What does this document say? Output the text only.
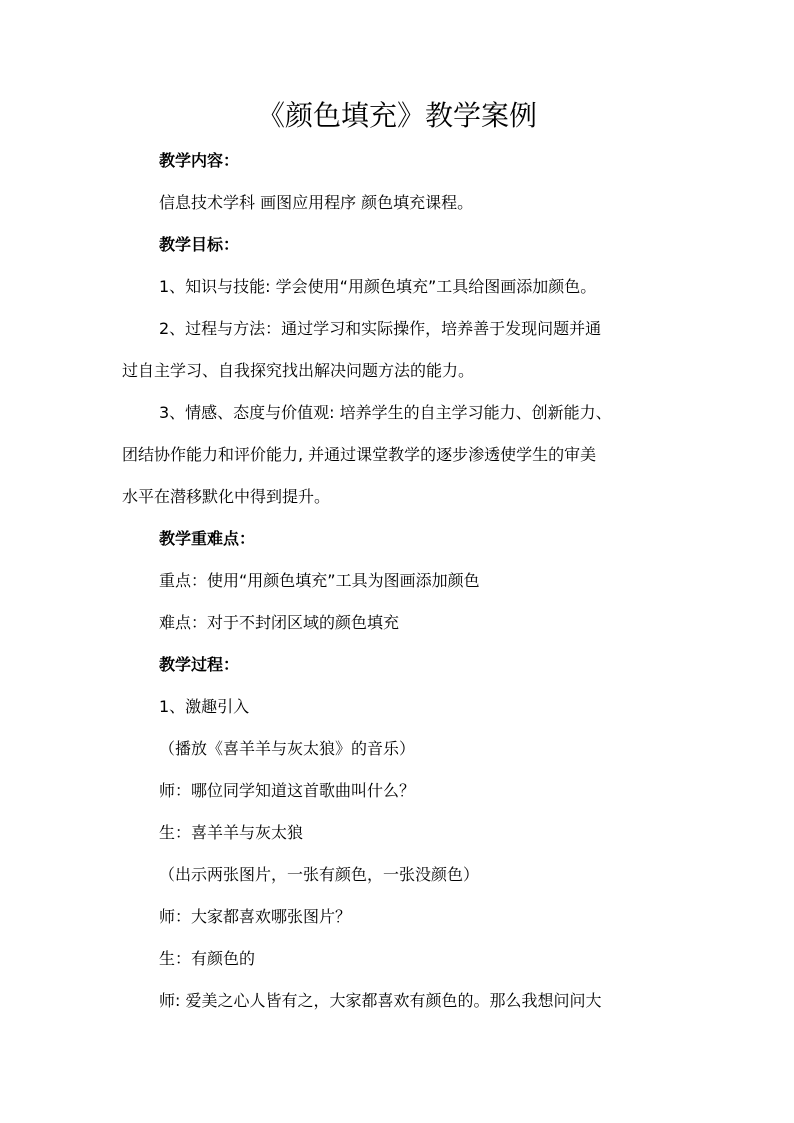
《颜色填充》教学案例
教学内容：
信息技术学科 画图应用程序 颜色填充课程。
教学目标：
1、知识与技能: 学会使用“用颜色填充”工具给图画添加颜色。
2、过程与方法：通过学习和实际操作，培养善于发现问题并通
过自主学习、自我探究找出解决问题方法的能力。
3、情感、态度与价值观: 培养学生的自主学习能力、创新能力、
团结协作能力和评价能力, 并通过课堂教学的逐步渗透使学生的审美
水平在潜移默化中得到提升。
教学重难点：
重点：使用“用颜色填充”工具为图画添加颜色
难点：对于不封闭区域的颜色填充
教学过程：
1、激趣引入
（播放《喜羊羊与灰太狼》的音乐）
师：哪位同学知道这首歌曲叫什么？
生：喜羊羊与灰太狼
（出示两张图片，一张有颜色，一张没颜色）
师：大家都喜欢哪张图片？
生：有颜色的
师: 爱美之心人皆有之，大家都喜欢有颜色的。那么我想问问大
